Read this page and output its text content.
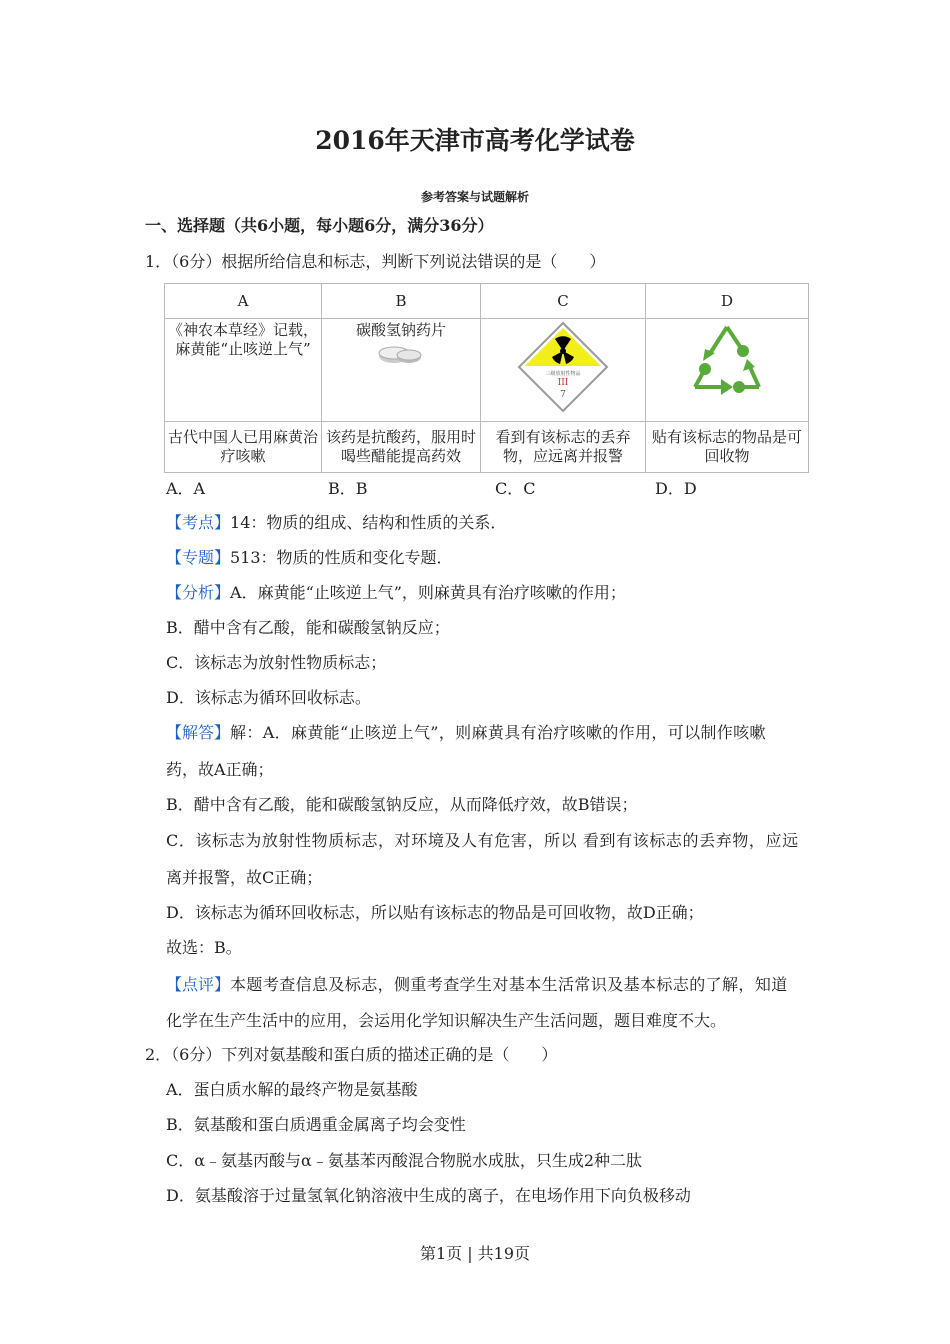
2016年天津市高考化学试卷
参考答案与试题解析
一、选择题（共6小题，每小题6分，满分36分）
1．（6分）根据所给信息和标志，判断下列说法错误的是（　　）
A	B	C	D
《神农本草经》记载，麻黄能“止咳逆上气”	碳酸氢钠药片	三级放射性物品
III
7

古代中国人已用麻黄治疗咳嗽	该药是抗酸药，服用时喝些醋能提高药效	看到有该标志的丢弃物，应远离并报警	贴有该标志的物品是可回收物
A．A	B．B	C．C	D．D
【考点】14：物质的组成、结构和性质的关系．
【专题】513：物质的性质和变化专题．
【分析】A．麻黄能“止咳逆上气”，则麻黄具有治疗咳嗽的作用；
B．醋中含有乙酸，能和碳酸氢钠反应；
C．该标志为放射性物质标志；
D．该标志为循环回收标志。
【解答】解：A．麻黄能“止咳逆上气”，则麻黄具有治疗咳嗽的作用，可以制作咳嗽
药，故A正确；
B．醋中含有乙酸，能和碳酸氢钠反应，从而降低疗效，故B错误；
C．该标志为放射性物质标志，对环境及人有危害，所以 看到有该标志的丢弃物，应远
离并报警，故C正确；
D．该标志为循环回收标志，所以贴有该标志的物品是可回收物，故D正确；
故选：B。
【点评】本题考查信息及标志，侧重考查学生对基本生活常识及基本标志的了解，知道
化学在生产生活中的应用，会运用化学知识解决生产生活问题，题目难度不大。
2．（6分）下列对氨基酸和蛋白质的描述正确的是（　　）
A．蛋白质水解的最终产物是氨基酸
B．氨基酸和蛋白质遇重金属离子均会变性
C．α﹣氨基丙酸与α﹣氨基苯丙酸混合物脱水成肽，只生成2种二肽
D．氨基酸溶于过量氢氧化钠溶液中生成的离子，在电场作用下向负极移动
第1页 | 共19页
